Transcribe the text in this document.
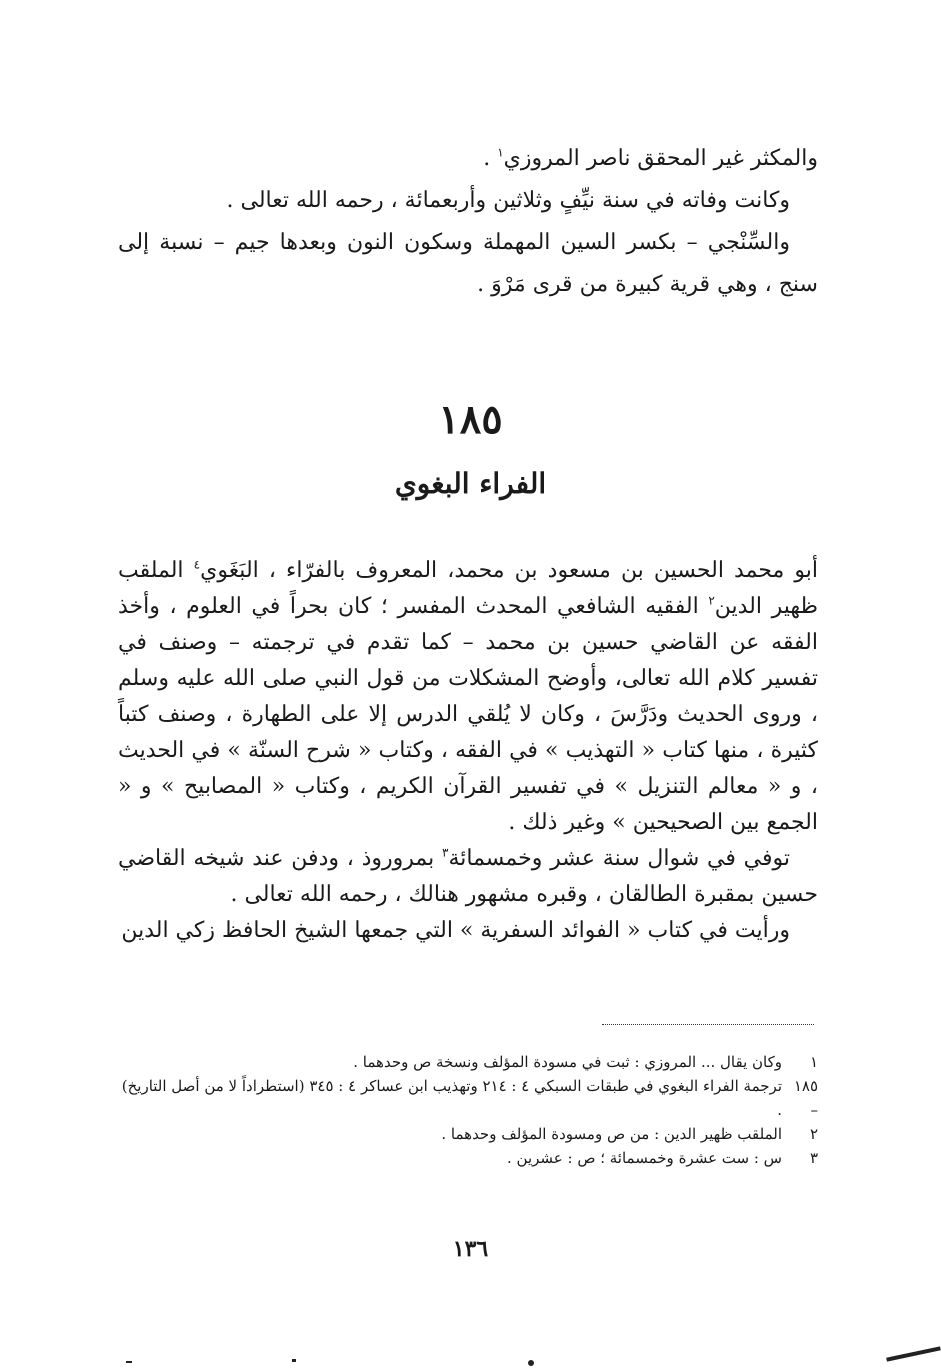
والمكثر غير المحقق ناصر المروزي$^١$ .

وكانت وفاته في سنة نيِّفٍ وثلاثين وأربعمائة ، رحمه الله تعالى .

والسِّنْجي – بكسر السين المهملة وسكون النون وبعدها جيم – نسبة إلى سنج ، وهي قرية كبيرة من قرى مَرْوَ .

١٨٥
الفراء البغوي

أبو محمد الحسين بن مسعود بن محمد، المعروف بالفرّاء ، البَغَوي$^٤$ الملقب ظهير الدين$^٢$ الفقيه الشافعي المحدث المفسر ؛ كان بحراً في العلوم ، وأخذ الفقه عن القاضي حسين بن محمد – كما تقدم في ترجمته – وصنف في تفسير كلام الله تعالى، وأوضح المشكلات من قول النبي صلى الله عليه وسلم ، وروى الحديث ودَرَّسَ ، وكان لا يُلقي الدرس إلا على الطهارة ، وصنف كتباً كثيرة ، منها كتاب « التهذيب » في الفقه ، وكتاب « شرح السنّة » في الحديث ، و « معالم التنزيل » في تفسير القرآن الكريم ، وكتاب « المصابيح » و « الجمع بين الصحيحين » وغير ذلك .

توفي في شوال سنة عشر وخمسمائة$^٣$ بمروروذ ، ودفن عند شيخه القاضي حسين بمقبرة الطالقان ، وقبره مشهور هنالك ، رحمه الله تعالى .

ورأيت في كتاب « الفوائد السفرية » التي جمعها الشيخ الحافظ زكي الدين

١
وكان يقال ... المروزي : ثبت في مسودة المؤلف ونسخة ص وحدهما .

١٨٥ –
ترجمة الفراء البغوي في طبقات السبكي ٤ : ٢١٤ وتهذيب ابن عساكر ٤ : ٣٤٥ (استطراداً لا من أصل التاريخ) .

٢
الملقب ظهير الدين : من ص ومسودة المؤلف وحدهما .

٣
س : ست عشرة وخمسمائة ؛ ص : عشرين .

١٣٦
